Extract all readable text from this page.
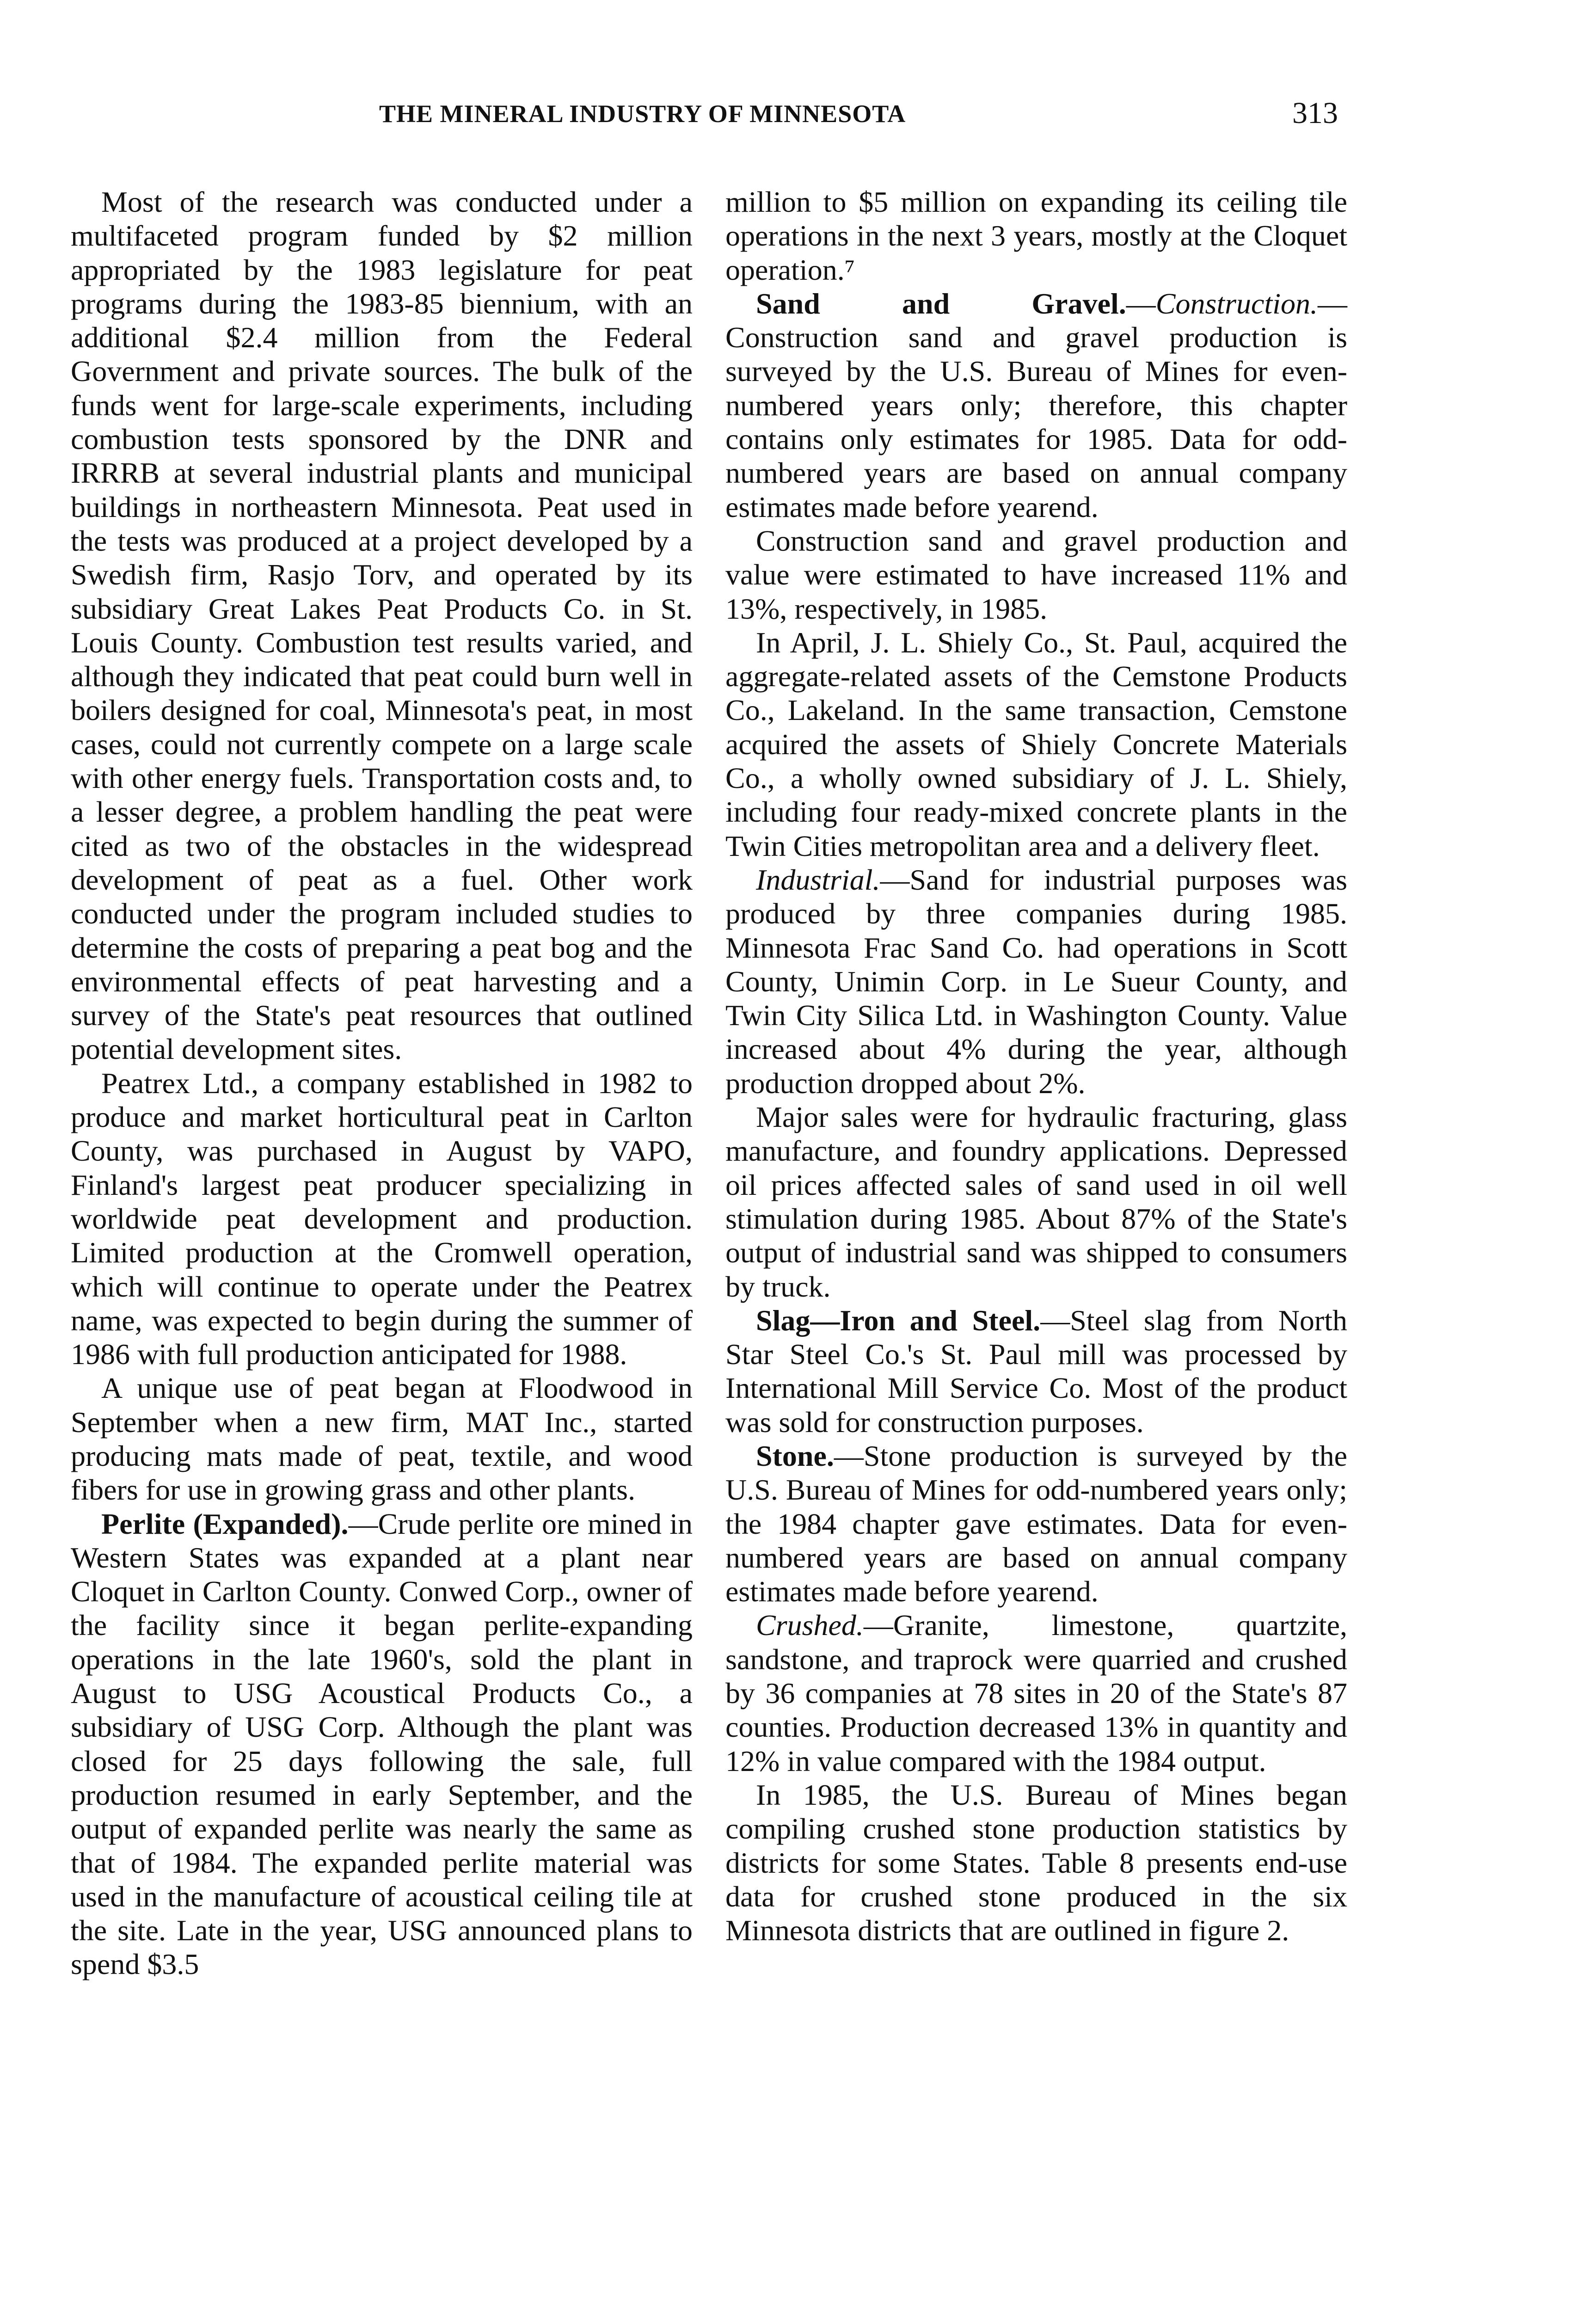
THE MINERAL INDUSTRY OF MINNESOTA	313

Most of the research was conducted under a multifaceted program funded by $2 million appropriated by the 1983 legislature for peat programs during the 1983-85 biennium, with an additional $2.4 million from the Federal Government and private sources. The bulk of the funds went for large-scale experiments, including combustion tests sponsored by the DNR and IRRRB at several industrial plants and municipal buildings in northeastern Minnesota. Peat used in the tests was produced at a project developed by a Swedish firm, Rasjo Torv, and operated by its subsidiary Great Lakes Peat Products Co. in St. Louis County. Combustion test results varied, and although they indicated that peat could burn well in boilers designed for coal, Minnesota's peat, in most cases, could not currently compete on a large scale with other energy fuels. Transportation costs and, to a lesser degree, a problem handling the peat were cited as two of the obstacles in the widespread development of peat as a fuel. Other work conducted under the program included studies to determine the costs of preparing a peat bog and the environmental effects of peat harvesting and a survey of the State's peat resources that outlined potential development sites.

Peatrex Ltd., a company established in 1982 to produce and market horticultural peat in Carlton County, was purchased in August by VAPO, Finland's largest peat producer specializing in worldwide peat development and production. Limited production at the Cromwell operation, which will continue to operate under the Peatrex name, was expected to begin during the summer of 1986 with full production anticipated for 1988.

A unique use of peat began at Floodwood in September when a new firm, MAT Inc., started producing mats made of peat, textile, and wood fibers for use in growing grass and other plants.

Perlite (Expanded).—Crude perlite ore mined in Western States was expanded at a plant near Cloquet in Carlton County. Conwed Corp., owner of the facility since it began perlite-expanding operations in the late 1960's, sold the plant in August to USG Acoustical Products Co., a subsidiary of USG Corp. Although the plant was closed for 25 days following the sale, full production resumed in early September, and the output of expanded perlite was nearly the same as that of 1984. The expanded perlite material was used in the manufacture of acoustical ceiling tile at the site. Late in the year, USG announced plans to spend $3.5

million to $5 million on expanding its ceiling tile operations in the next 3 years, mostly at the Cloquet operation.⁷

Sand and Gravel.—Construction.—Construction sand and gravel production is surveyed by the U.S. Bureau of Mines for even-numbered years only; therefore, this chapter contains only estimates for 1985. Data for odd-numbered years are based on annual company estimates made before yearend.

Construction sand and gravel production and value were estimated to have increased 11% and 13%, respectively, in 1985.

In April, J. L. Shiely Co., St. Paul, acquired the aggregate-related assets of the Cemstone Products Co., Lakeland. In the same transaction, Cemstone acquired the assets of Shiely Concrete Materials Co., a wholly owned subsidiary of J. L. Shiely, including four ready-mixed concrete plants in the Twin Cities metropolitan area and a delivery fleet.

Industrial.—Sand for industrial purposes was produced by three companies during 1985. Minnesota Frac Sand Co. had operations in Scott County, Unimin Corp. in Le Sueur County, and Twin City Silica Ltd. in Washington County. Value increased about 4% during the year, although production dropped about 2%.

Major sales were for hydraulic fracturing, glass manufacture, and foundry applications. Depressed oil prices affected sales of sand used in oil well stimulation during 1985. About 87% of the State's output of industrial sand was shipped to consumers by truck.

Slag—Iron and Steel.—Steel slag from North Star Steel Co.'s St. Paul mill was processed by International Mill Service Co. Most of the product was sold for construction purposes.

Stone.—Stone production is surveyed by the U.S. Bureau of Mines for odd-numbered years only; the 1984 chapter gave estimates. Data for even-numbered years are based on annual company estimates made before yearend.

Crushed.—Granite, limestone, quartzite, sandstone, and traprock were quarried and crushed by 36 companies at 78 sites in 20 of the State's 87 counties. Production decreased 13% in quantity and 12% in value compared with the 1984 output.

In 1985, the U.S. Bureau of Mines began compiling crushed stone production statistics by districts for some States. Table 8 presents end-use data for crushed stone produced in the six Minnesota districts that are outlined in figure 2.
